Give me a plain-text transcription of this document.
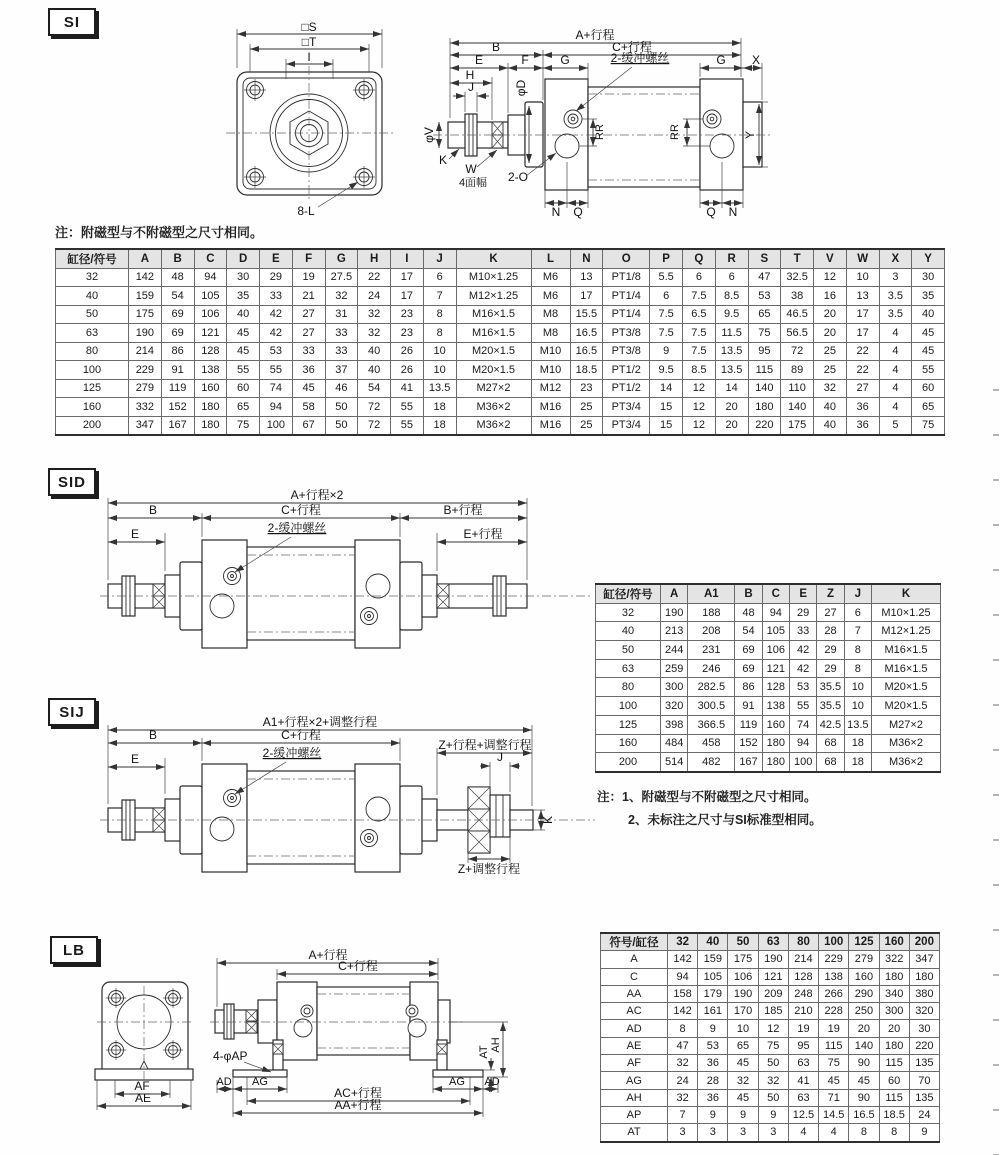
SI	□S
□T
I
8-L
A+行程
B	C+行程
E	F	G	G X
2-缓冲螺丝
H
J	φD
φV
K
W
4面幅 2-O
RR	RR	Y
N Q	Q N
注：附磁型与不附磁型之尺寸相同。
缸径/符号	A	B	C	D	E	F	G	H	I	J	K	L	N	O	P	Q	R	S	T	V	W	X	Y
32	142	48	94	30	29	19	27.5	22	17	6	M10×1.25	M6	13	PT1/8	5.5	6	6	47	32.5	12	10	3	30
40	159	54	105	35	33	21	32	24	17	7	M12×1.25	M6	17	PT1/4	6	7.5	8.5	53	38	16	13	3.5	35
50	175	69	106	40	42	27	31	32	23	8	M16×1.5	M8	15.5	PT1/4	7.5	6.5	9.5	65	46.5	20	17	3.5	40
63	190	69	121	45	42	27	33	32	23	8	M16×1.5	M8	16.5	PT3/8	7.5	7.5	11.5	75	56.5	20	17	4	45
80	214	86	128	45	53	33	33	40	26	10	M20×1.5	M10	16.5	PT3/8	9	7.5	13.5	95	72	25	22	4	45
100	229	91	138	55	55	36	37	40	26	10	M20×1.5	M10	18.5	PT1/2	9.5	8.5	13.5	115	89	25	22	4	55
125	279	119	160	60	74	45	46	54	41	13.5	M27×2	M12	23	PT1/2	14	12	14	140	110	32	27	4	60
160	332	152	180	65	94	58	50	72	55	18	M36×2	M16	25	PT3/4	15	12	20	180	140	40	36	4	65
200	347	167	180	75	100	67	50	72	55	18	M36×2	M16	25	PT3/4	15	12	20	220	175	40	36	5	75
SID
A+行程×2
B	C+行程	B+行程
E	E+行程
2-缓冲螺丝
缸径/符号	A	A1	B	C	E	Z	J	K
32	190	188	48	94	29	27	6	M10×1.25
40	213	208	54	105	33	28	7	M12×1.25
50	244	231	69	106	42	29	8	M16×1.5
63	259	246	69	121	42	29	8	M16×1.5
80	300	282.5	86	128	53	35.5	10	M20×1.5
100	320	300.5	91	138	55	35.5	10	M20×1.5
125	398	366.5	119	160	74	42.5	13.5	M27×2
160	484	458	152	180	94	68	18	M36×2
200	514	482	167	180	100	68	18	M36×2
注：1、附磁型与不附磁型之尺寸相同。
2、未标注之尺寸与SI标准型相同。
SIJ
A1+行程×2+调整行程
B	C+行程
Z+行程+调整行程
E	J
2-缓冲螺丝
K
Z+调整行程
LB
AF
AE
A+行程
C+行程
4-φAP
AD AG	AG AD
AC+行程
AA+行程
AT AH
符号/缸径	32	40	50	63	80	100	125	160	200
A	142	159	175	190	214	229	279	322	347
C	94	105	106	121	128	138	160	180	180
AA	158	179	190	209	248	266	290	340	380
AC	142	161	170	185	210	228	250	300	320
AD	8	9	10	12	19	19	20	20	30
AE	47	53	65	75	95	115	140	180	220
AF	32	36	45	50	63	75	90	115	135
AG	24	28	32	32	41	45	45	60	70
AH	32	36	45	50	63	71	90	115	135
AP	7	9	9	9	12.5	14.5	16.5	18.5	24
AT	3	3	3	3	4	4	8	8	9
